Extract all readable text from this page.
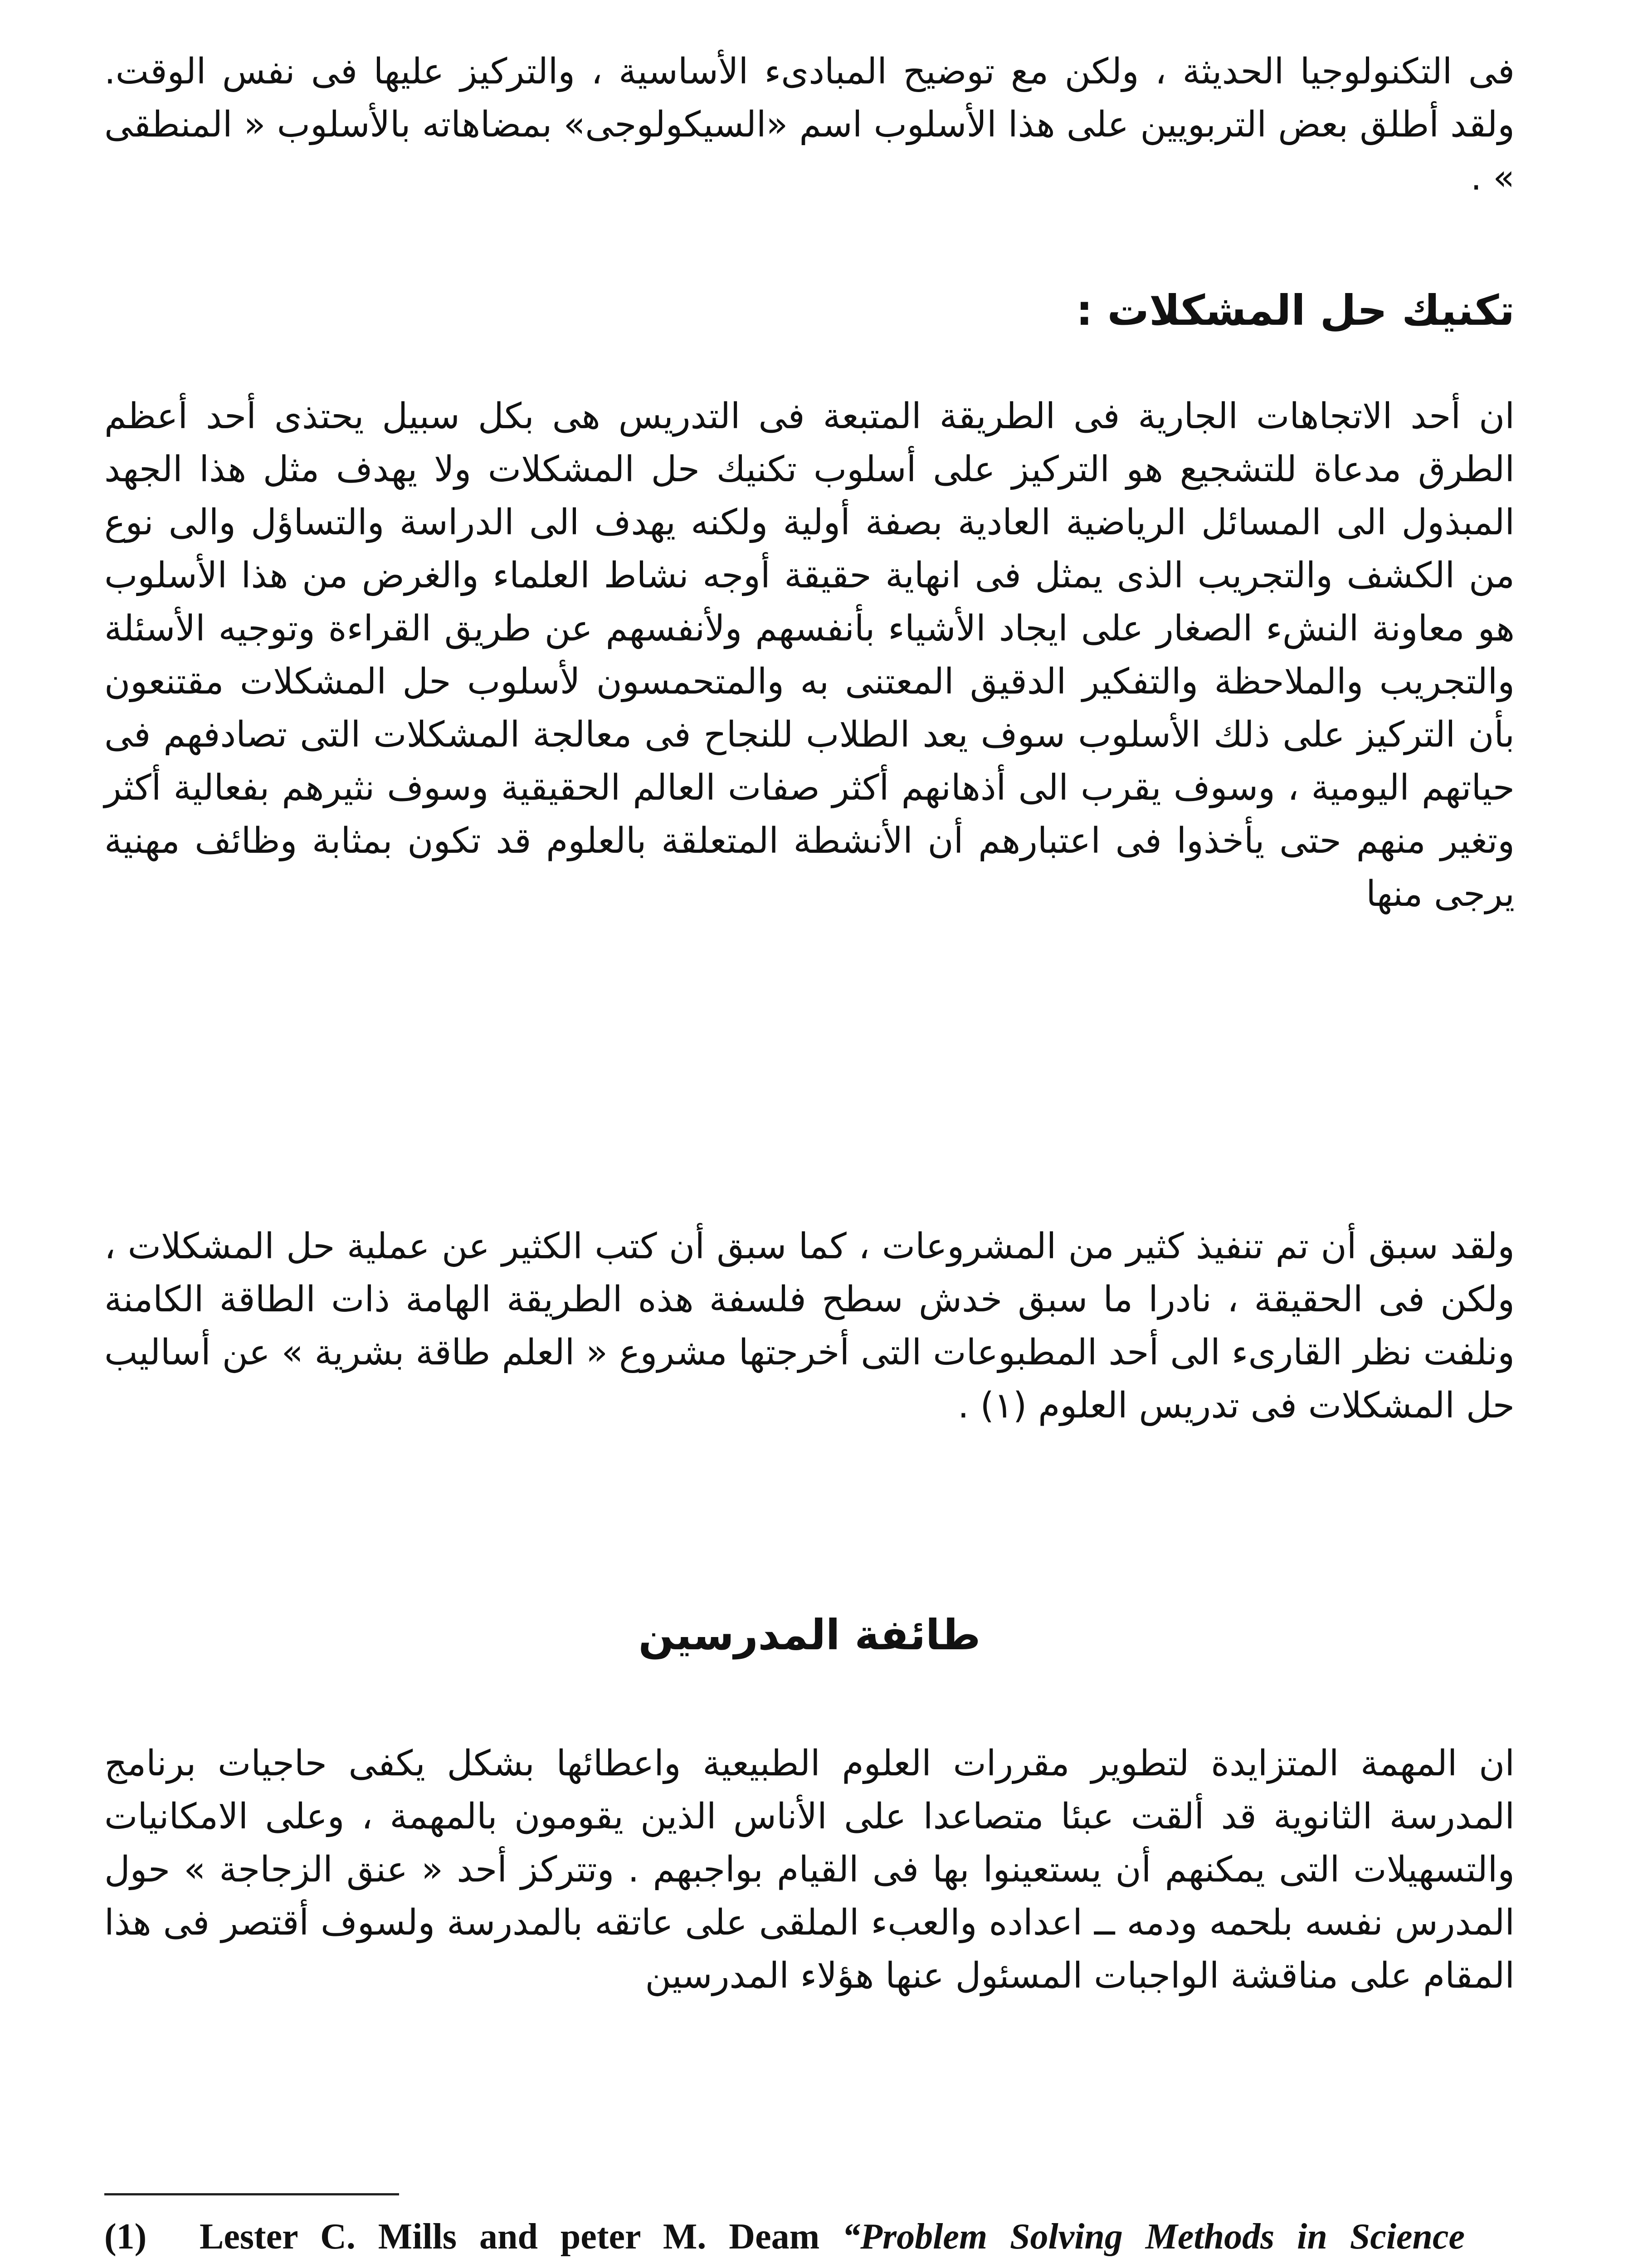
فى التكنولوجيا الحديثة ، ولكن مع توضيح المبادىء الأساسية ، والتركيز عليها فى نفس الوقت. ولقد أطلق بعض التربويين على هذا الأسلوب اسم «السيكولوجى» بمضاهاته بالأسلوب « المنطقى » .

تكنيك حل المشكلات :

ان أحد الاتجاهات الجارية فى الطريقة المتبعة فى التدريس هى بكل سبيل يحتذى أحد أعظم الطرق مدعاة للتشجيع هو التركيز على أسلوب تكنيك حل المشكلات ولا يهدف مثل هذا الجهد المبذول الى المسائل الرياضية العادية بصفة أولية ولكنه يهدف الى الدراسة والتساؤل والى نوع من الكشف والتجريب الذى يمثل فى انهاية حقيقة أوجه نشاط العلماء والغرض من هذا الأسلوب هو معاونة النشء الصغار على ايجاد الأشياء بأنفسهم ولأنفسهم عن طريق القراءة وتوجيه الأسئلة والتجريب والملاحظة والتفكير الدقيق المعتنى به والمتحمسون لأسلوب حل المشكلات مقتنعون بأن التركيز على ذلك الأسلوب سوف يعد الطلاب للنجاح فى معالجة المشكلات التى تصادفهم فى حياتهم اليومية ، وسوف يقرب الى أذهانهم أكثر صفات العالم الحقيقية وسوف نثيرهم بفعالية أكثر وتغير منهم حتى يأخذوا فى اعتبارهم أن الأنشطة المتعلقة بالعلوم قد تكون بمثابة وظائف مهنية يرجى منها

ولقد سبق أن تم تنفيذ كثير من المشروعات ، كما سبق أن كتب الكثير عن عملية حل المشكلات ، ولكن فى الحقيقة ، نادرا ما سبق خدش سطح فلسفة هذه الطريقة الهامة ذات الطاقة الكامنة ونلفت نظر القارىء الى أحد المطبوعات التى أخرجتها مشروع « العلم طاقة بشرية » عن أساليب حل المشكلات فى تدريس العلوم (١) .

طائفة المدرسين

ان المهمة المتزايدة لتطوير مقررات العلوم الطبيعية واعطائها بشكل يكفى حاجيات برنامج المدرسة الثانوية قد ألقت عبئا متصاعدا على الأناس الذين يقومون بالمهمة ، وعلى الامكانيات والتسهيلات التى يمكنهم أن يستعينوا بها فى القيام بواجبهم . وتتركز أحد « عنق الزجاجة » حول المدرس نفسه بلحمه ودمه ــ اعداده والعبء الملقى على عاتقه بالمدرسة ولسوف أقتصر فى هذا المقام على مناقشة الواجبات المسئول عنها هؤلاء المدرسين

(1) Lester C. Mills and peter M. Deam “Problem Solving Methods in Science
